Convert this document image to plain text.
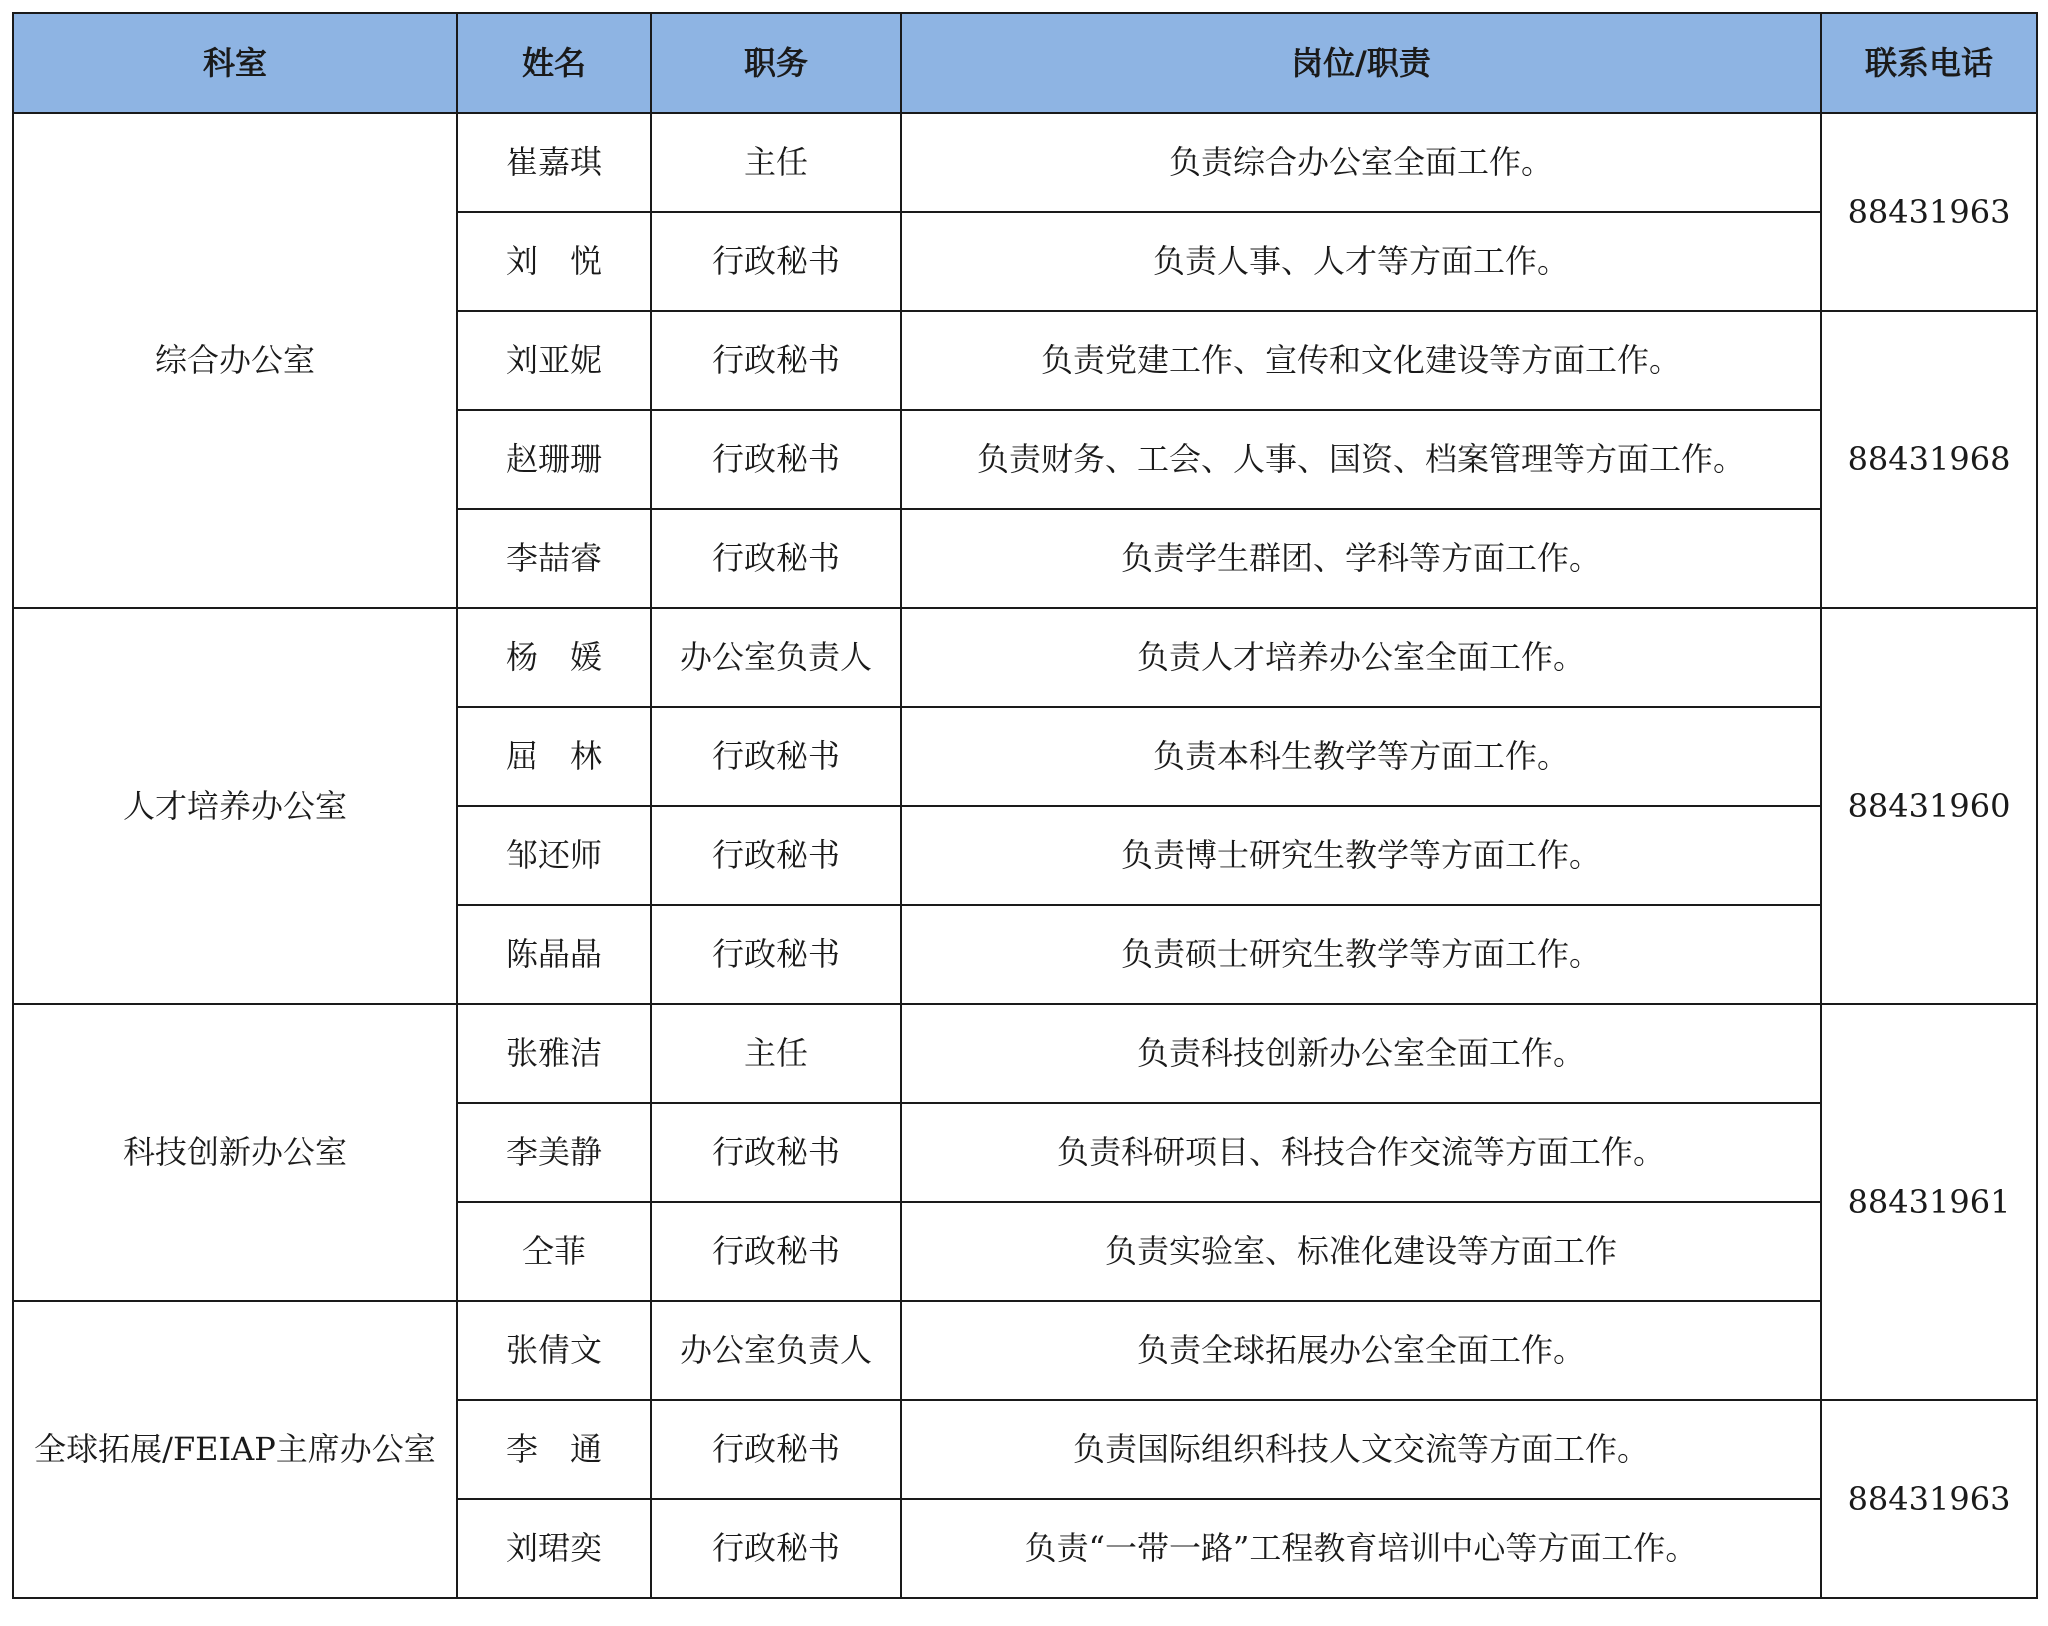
科室	姓名	职务	岗位/职责	联系电话
综合办公室	崔嘉琪	主任	负责综合办公室全面工作。	88431963
	刘　悦	行政秘书	负责人事、人才等方面工作。	
	刘亚妮	行政秘书	负责党建工作、宣传和文化建设等方面工作。	88431968
	赵珊珊	行政秘书	负责财务、工会、人事、国资、档案管理等方面工作。	
	李喆睿	行政秘书	负责学生群团、学科等方面工作。	
人才培养办公室	杨　媛	办公室负责人	负责人才培养办公室全面工作。	88431960
	屈　林	行政秘书	负责本科生教学等方面工作。	
	邹还师	行政秘书	负责博士研究生教学等方面工作。	
	陈晶晶	行政秘书	负责硕士研究生教学等方面工作。	
科技创新办公室	张雅洁	主任	负责科技创新办公室全面工作。	88431961
	李美静	行政秘书	负责科研项目、科技合作交流等方面工作。	
	仝菲	行政秘书	负责实验室、标准化建设等方面工作	
全球拓展/FEIAP主席办公室	张倩文	办公室负责人	负责全球拓展办公室全面工作。	
	李　通	行政秘书	负责国际组织科技人文交流等方面工作。	88431963
	刘珺奕	行政秘书	负责“一带一路”工程教育培训中心等方面工作。	
